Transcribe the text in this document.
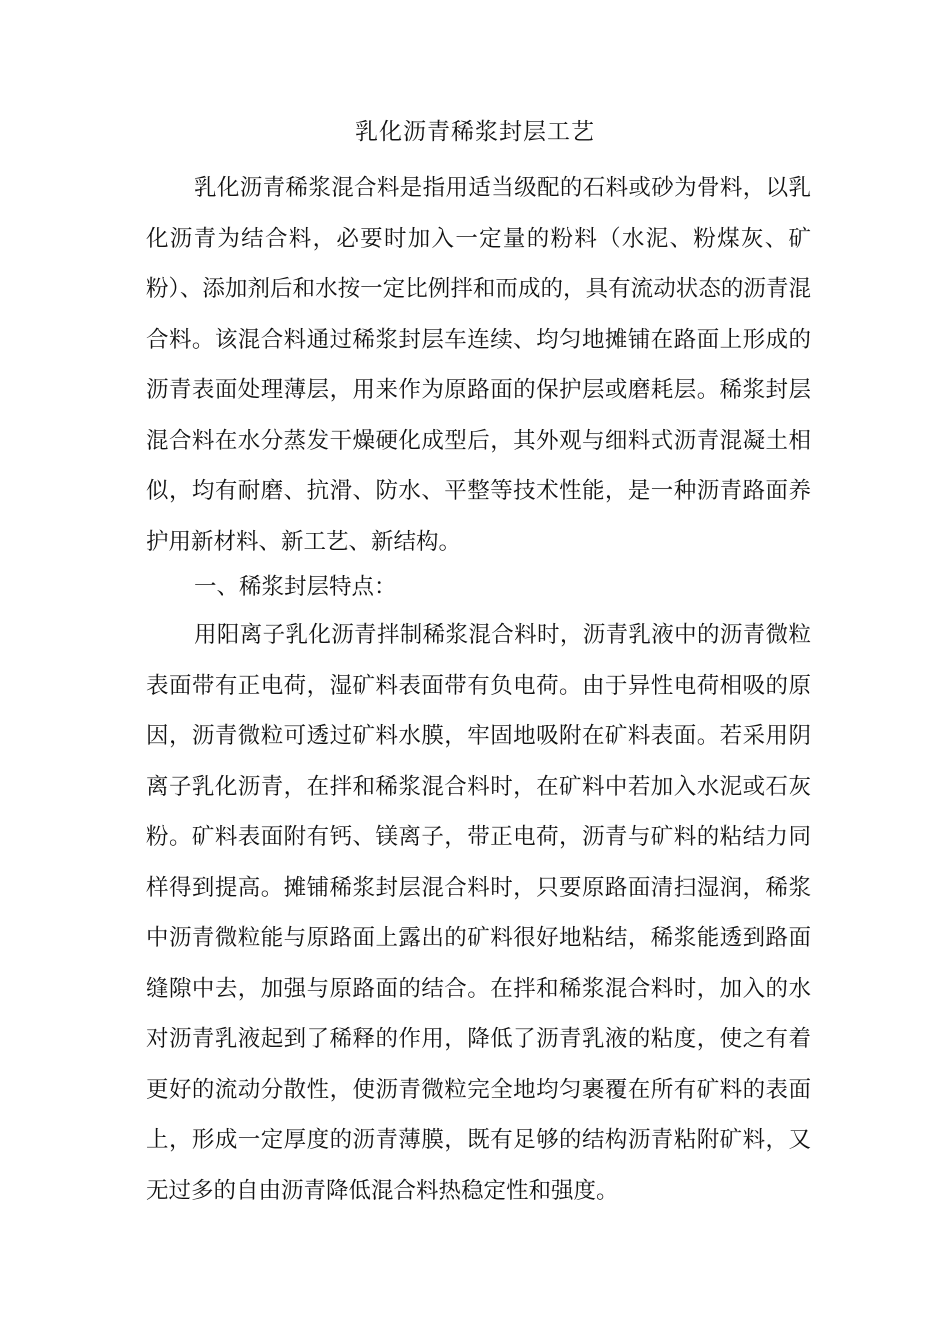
乳化沥青稀浆封层工艺

乳化沥青稀浆混合料是指用适当级配的石料或砂为骨料，以乳化沥青为结合料，必要时加入一定量的粉料（水泥、粉煤灰、矿粉）、添加剂后和水按一定比例拌和而成的，具有流动状态的沥青混合料。该混合料通过稀浆封层车连续、均匀地摊铺在路面上形成的沥青表面处理薄层，用来作为原路面的保护层或磨耗层。稀浆封层混合料在水分蒸发干燥硬化成型后，其外观与细料式沥青混凝土相似，均有耐磨、抗滑、防水、平整等技术性能，是一种沥青路面养护用新材料、新工艺、新结构。

一、稀浆封层特点：

用阳离子乳化沥青拌制稀浆混合料时，沥青乳液中的沥青微粒表面带有正电荷，湿矿料表面带有负电荷。由于异性电荷相吸的原因，沥青微粒可透过矿料水膜，牢固地吸附在矿料表面。若采用阴离子乳化沥青，在拌和稀浆混合料时，在矿料中若加入水泥或石灰粉。矿料表面附有钙、镁离子，带正电荷，沥青与矿料的粘结力同样得到提高。摊铺稀浆封层混合料时，只要原路面清扫湿润，稀浆中沥青微粒能与原路面上露出的矿料很好地粘结，稀浆能透到路面缝隙中去，加强与原路面的结合。在拌和稀浆混合料时，加入的水对沥青乳液起到了稀释的作用，降低了沥青乳液的粘度，使之有着更好的流动分散性，使沥青微粒完全地均匀裹覆在所有矿料的表面上，形成一定厚度的沥青薄膜，既有足够的结构沥青粘附矿料，又无过多的自由沥青降低混合料热稳定性和强度。
